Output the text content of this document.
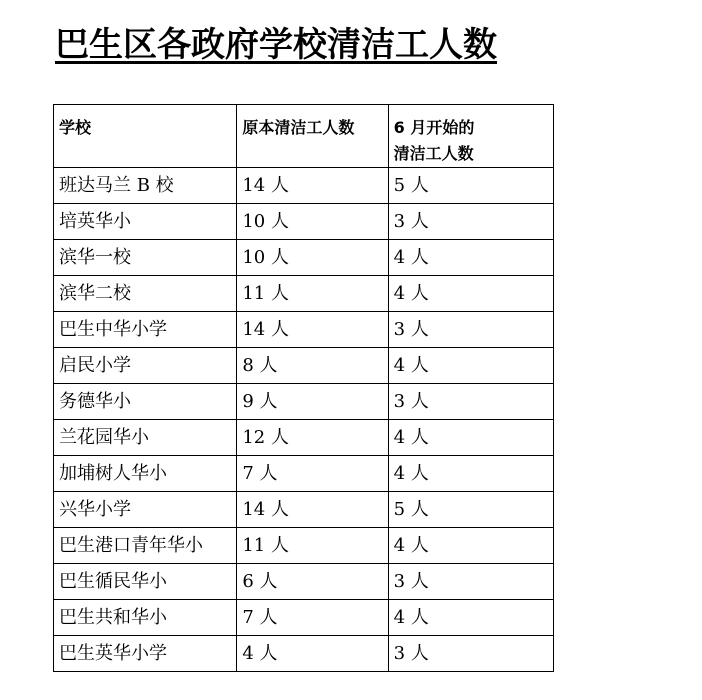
巴生区各政府学校清洁工人数
学校	原本清洁工人数	6 月开始的
清洁工人数

班达马兰 B 校	14 人	5 人
培英华小	10 人	3 人
滨华一校	10 人	4 人
滨华二校	11 人	4 人
巴生中华小学	14 人	3 人
启民小学	8 人	4 人
务德华小	9 人	3 人
兰花园华小	12 人	4 人
加埔树人华小	7 人	4 人
兴华小学	14 人	5 人
巴生港口青年华小	11 人	4 人
巴生循民华小	6 人	3 人
巴生共和华小	7 人	4 人
巴生英华小学	4 人	3 人
